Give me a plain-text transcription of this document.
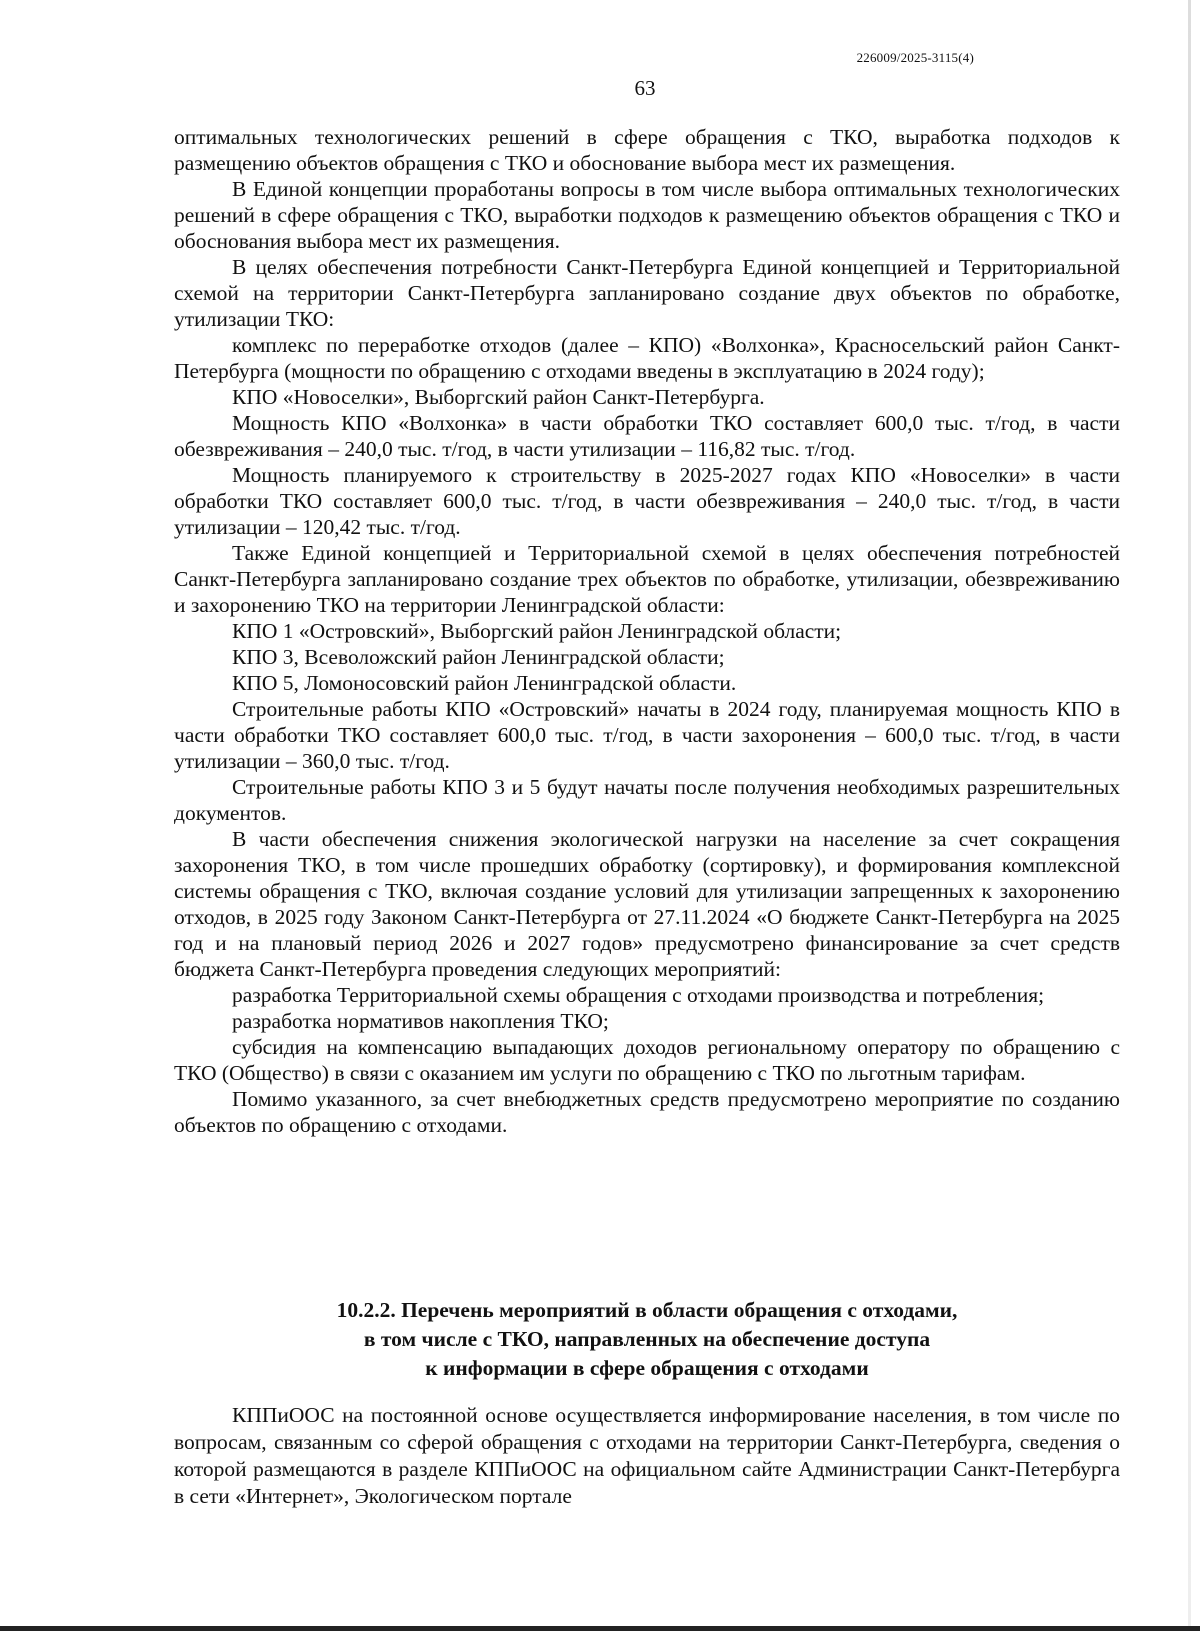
226009/2025-3115(4)
63

оптимальных технологических решений в сфере обращения с ТКО, выработка подходов к размещению объектов обращения с ТКО и обоснование выбора мест их размещения.

В Единой концепции проработаны вопросы в том числе выбора оптимальных технологических решений в сфере обращения с ТКО, выработки подходов к размещению объектов обращения с ТКО и обоснования выбора мест их размещения.

В целях обеспечения потребности Санкт-Петербурга Единой концепцией и Территориальной схемой на территории Санкт-Петербурга запланировано создание двух объектов по обработке, утилизации ТКО:

комплекс по переработке отходов (далее – КПО) «Волхонка», Красносельский район Санкт-Петербурга (мощности по обращению с отходами введены в эксплуатацию в 2024 году);

КПО «Новоселки», Выборгский район Санкт-Петербурга.

Мощность КПО «Волхонка» в части обработки ТКО составляет 600,0 тыс. т/год, в части обезвреживания – 240,0 тыс. т/год, в части утилизации – 116,82 тыс. т/год.

Мощность планируемого к строительству в 2025-2027 годах КПО «Новоселки» в части обработки ТКО составляет 600,0 тыс. т/год, в части обезвреживания – 240,0 тыс. т/год, в части утилизации – 120,42 тыс. т/год.

Также Единой концепцией и Территориальной схемой в целях обеспечения потребностей Санкт-Петербурга запланировано создание трех объектов по обработке, утилизации, обезвреживанию и захоронению ТКО на территории Ленинградской области:

КПО 1 «Островский», Выборгский район Ленинградской области;

КПО 3, Всеволожский район Ленинградской области;

КПО 5, Ломоносовский район Ленинградской области.

Строительные работы КПО «Островский» начаты в 2024 году, планируемая мощность КПО в части обработки ТКО составляет 600,0 тыс. т/год, в части захоронения – 600,0 тыс. т/год, в части утилизации – 360,0 тыс. т/год.

Строительные работы КПО 3 и 5 будут начаты после получения необходимых разрешительных документов.

В части обеспечения снижения экологической нагрузки на население за счет сокращения захоронения ТКО, в том числе прошедших обработку (сортировку), и формирования комплексной системы обращения с ТКО, включая создание условий для утилизации запрещенных к захоронению отходов, в 2025 году Законом Санкт-Петербурга от 27.11.2024 «О бюджете Санкт-Петербурга на 2025 год и на плановый период 2026 и 2027 годов» предусмотрено финансирование за счет средств бюджета Санкт-Петербурга проведения следующих мероприятий:

разработка Территориальной схемы обращения с отходами производства и потребления;

разработка нормативов накопления ТКО;

субсидия на компенсацию выпадающих доходов региональному оператору по обращению с ТКО (Общество) в связи с оказанием им услуги по обращению с ТКО по льготным тарифам.

Помимо указанного, за счет внебюджетных средств предусмотрено мероприятие по созданию объектов по обращению с отходами.

10.2.2. Перечень мероприятий в области обращения с отходами,
в том числе с ТКО, направленных на обеспечение доступа
к информации в сфере обращения с отходами

КППиООС на постоянной основе осуществляется информирование населения, в том числе по вопросам, связанным со сферой обращения с отходами на территории Санкт-Петербурга, сведения о которой размещаются в разделе КППиООС на официальном сайте Администрации Санкт-Петербурга в сети «Интернет», Экологическом портале
